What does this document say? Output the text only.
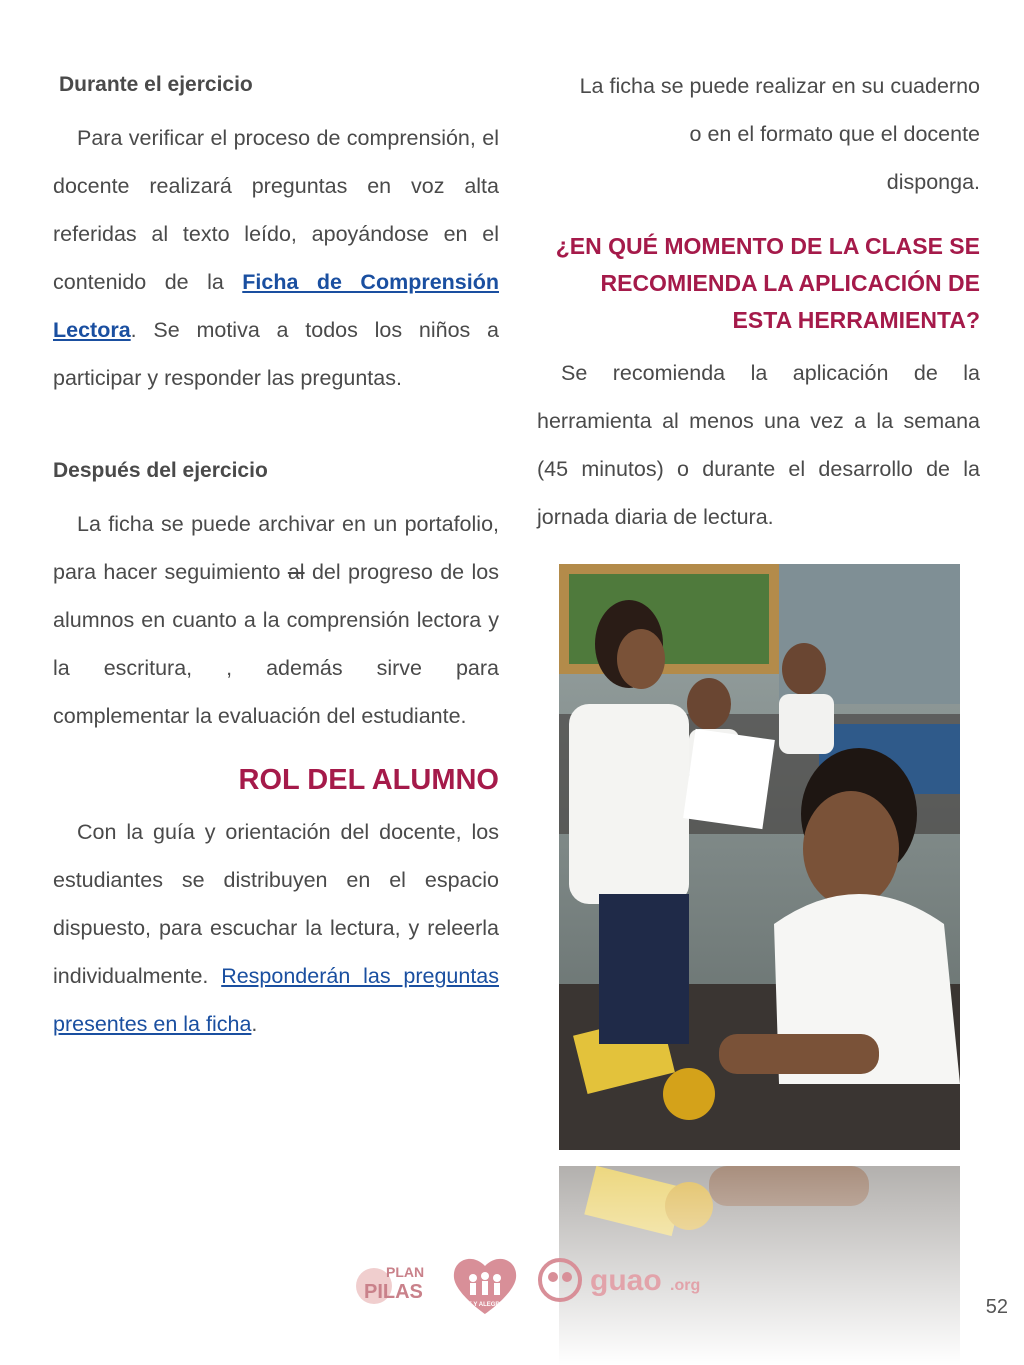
Durante el ejercicio

Para verificar el proceso de comprensión, el docente realizará preguntas en voz alta referidas al texto leído, apoyándose en el contenido de la Ficha de Comprensión Lectora. Se motiva a todos los niños a participar y responder las preguntas.

Después del ejercicio

La ficha se puede archivar en un portafolio, para hacer seguimiento al del progreso de los alumnos en cuanto a la comprensión lectora y la escritura, , además sirve para complementar la evaluación del estudiante.

ROL DEL ALUMNO

Con la guía y orientación del docente, los estudiantes se distribuyen en el espacio dispuesto, para escuchar la lectura, y releerla individualmente. Responderán las preguntas presentes en la ficha.

La ficha se puede realizar en su cuaderno

o en el formato que el docente

disponga.

¿EN QUÉ MOMENTO DE LA CLASE SE RECOMIENDA LA APLICACIÓN DE ESTA HERRAMIENTA?

Se recomienda la aplicación de la herramienta al menos una vez a la semana (45 minutos) o durante el desarrollo de la jornada diaria de lectura.

PLAN
PILAS
FE Y ALEGRIA
guao .org
52
